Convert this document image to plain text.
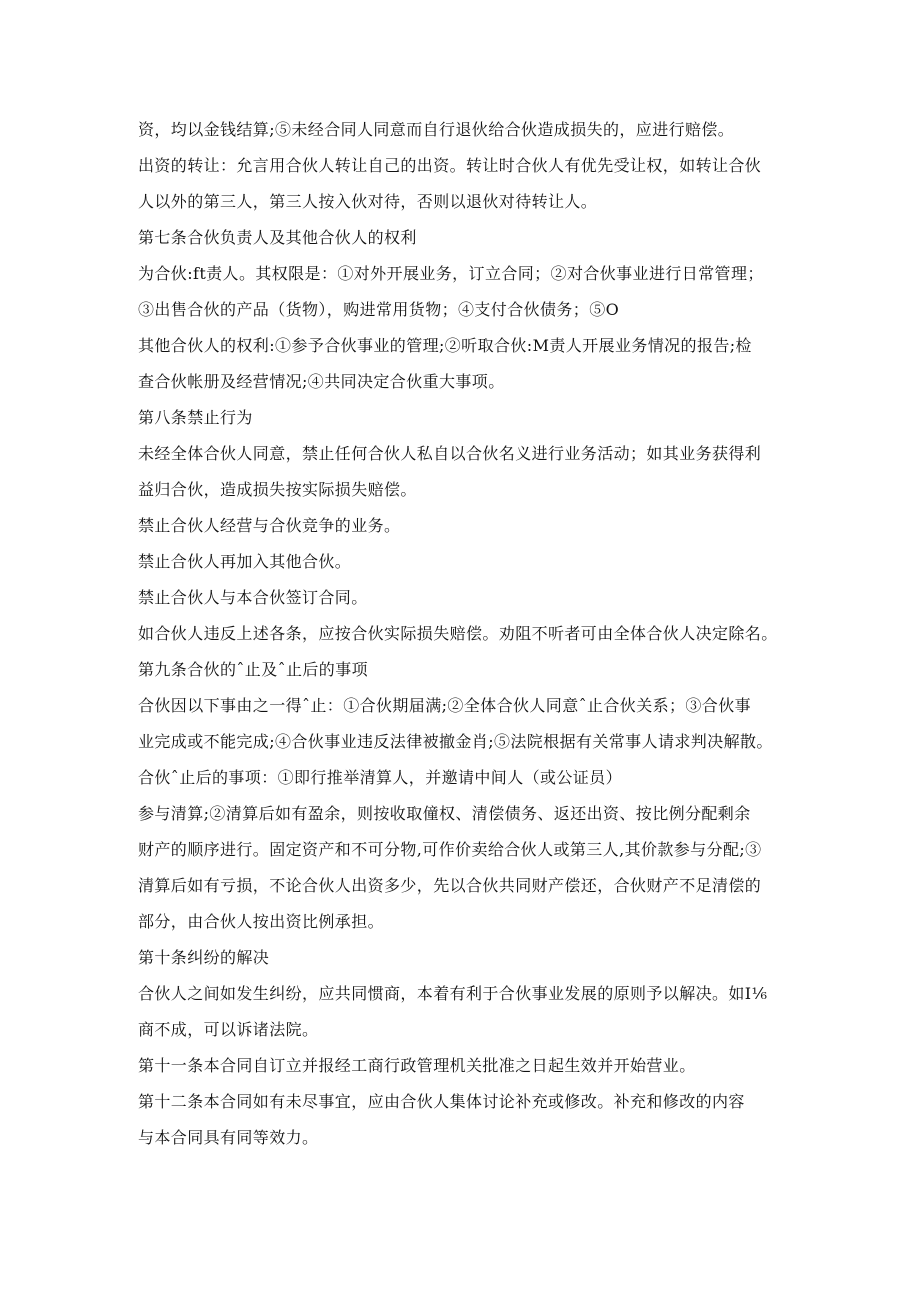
资，均以金钱结算;⑤未经合同人同意而自行退伙给合伙造成损失的，应进行赔偿。

出资的转让：允言用合伙人转让自己的出资。转让时合伙人有优先受让权，如转让合伙

人以外的第三人，第三人按入伙对待，否则以退伙对待转让人。

第七条合伙负责人及其他合伙人的权利

为合伙:ft责人。其权限是：①对外开展业务，订立合同；②对合伙事业进行日常管理；

③出售合伙的产品（货物），购进常用货物；④支付合伙债务；⑤O

其他合伙人的权利:①参予合伙事业的管理;②听取合伙:M责人开展业务情况的报告;检

查合伙帐册及经营情况;④共同决定合伙重大事项。

第八条禁止行为

未经全体合伙人同意，禁止任何合伙人私自以合伙名义进行业务活动；如其业务获得利

益归合伙，造成损失按实际损失赔偿。

禁止合伙人经营与合伙竞争的业务。

禁止合伙人再加入其他合伙。

禁止合伙人与本合伙签订合同。

如合伙人违反上述各条，应按合伙实际损失赔偿。劝阻不听者可由全体合伙人决定除名。

第九条合伙的ˆ止及ˆ止后的事项

合伙因以下事由之一得ˆ止：①合伙期届满;②全体合伙人同意ˆ止合伙关系；③合伙事

业完成或不能完成;④合伙事业违反法律被撤金肖;⑤法院根据有关常事人请求判决解散。

合伙ˆ止后的事项：①即行推举清算人，并邀请中间人（或公证员）

参与清算;②清算后如有盈余，则按收取僮权、清偿债务、返还出资、按比例分配剩余

财产的顺序进行。固定资产和不可分物,可作价卖给合伙人或第三人,其价款参与分配;③

清算后如有亏损，不论合伙人出资多少，先以合伙共同财产偿还，合伙财产不足清偿的

部分，由合伙人按出资比例承担。

第十条纠纷的解决

合伙人之间如发生纠纷，应共同惯商，本着有利于合伙事业发展的原则予以解决。如I⅙

商不成，可以诉诸法院。

第十一条本合同自订立并报经工商行政管理机关批准之日起生效并开始营业。

第十二条本合同如有未尽事宜，应由合伙人集体讨论补充或修改。补充和修改的内容

与本合同具有同等效力。
